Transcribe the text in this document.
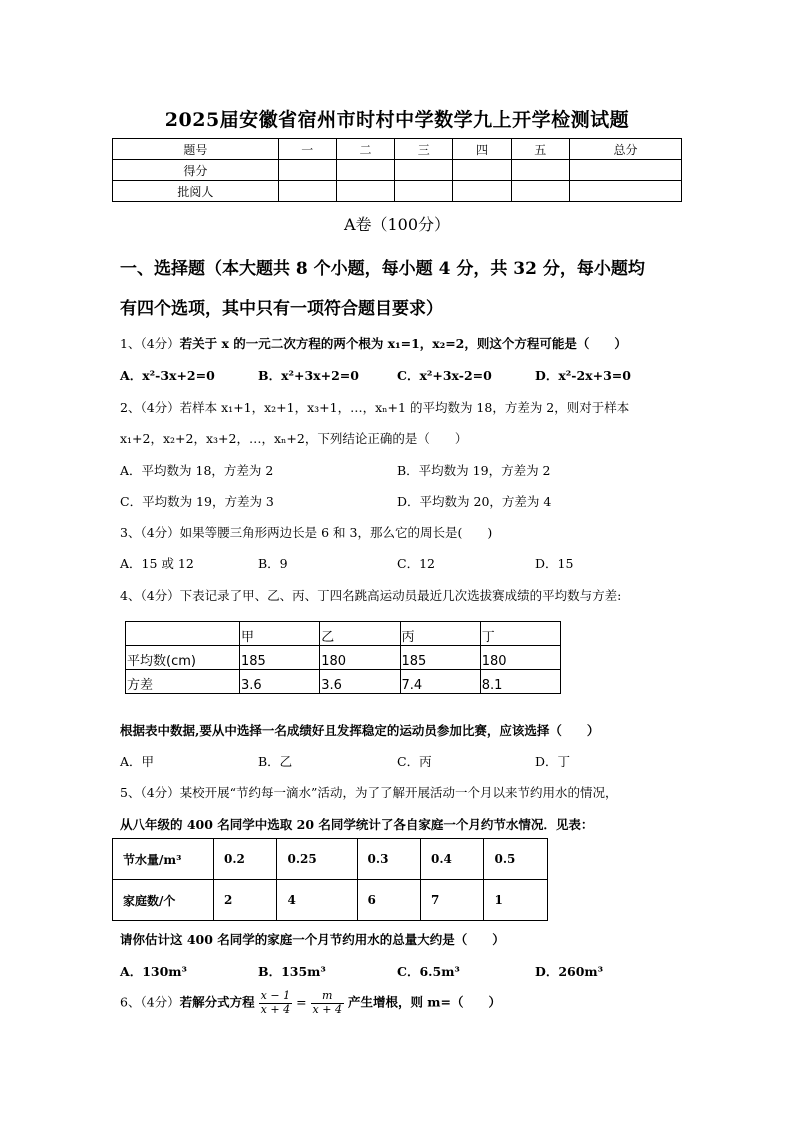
2025届安徽省宿州市时村中学数学九上开学检测试题
题号	一	二	三	四	五	总分
得分						
批阅人						
A卷（100分）
一、选择题（本大题共 8 个小题，每小题 4 分，共 32 分，每小题均
有四个选项，其中只有一项符合题目要求）
1、（4分）若关于 x 的一元二次方程的两个根为 x₁=1，x₂=2，则这个方程可能是（　　）
A．x²-3x+2=0	B．x²+3x+2=0	C．x²+3x-2=0	D．x²-2x+3=0
2、（4分）若样本 x₁+1，x₂+1，x₃+1，…，xₙ+1 的平均数为 18，方差为 2，则对于样本
x₁+2，x₂+2，x₃+2，…，xₙ+2，下列结论正确的是（　　）
A．平均数为 18，方差为 2	B．平均数为 19，方差为 2
C．平均数为 19，方差为 3	D．平均数为 20，方差为 4
3、（4分）如果等腰三角形两边长是 6 和 3，那么它的周长是(　　)
A．15 或 12	B．9	C．12	D．15
4、（4分）下表记录了甲、乙、丙、丁四名跳高运动员最近几次选拔赛成绩的平均数与方差:
	甲	乙	丙	丁
平均数(cm)	185	180	185	180
方差	3.6	3.6	7.4	8.1
根据表中数据,要从中选择一名成绩好且发挥稳定的运动员参加比赛，应该选择（　　）
A．甲	B．乙	C．丙	D．丁
5、（4分）某校开展“节约每一滴水”活动，为了了解开展活动一个月以来节约用水的情况，
从八年级的 400 名同学中选取 20 名同学统计了各自家庭一个月约节水情况．见表：
节水量/m³	0.2	0.25	0.3	0.4	0.5
家庭数/个	2	4	6	7	1
请你估计这 400 名同学的家庭一个月节约用水的总量大约是（　　）
A．130m³	B．135m³	C．6.5m³	D．260m³
6、（4分）若解分式方程 $\frac{x - 1}{x + 4} = \frac{m}{x + 4}$ 产生增根，则 m=（　　）
